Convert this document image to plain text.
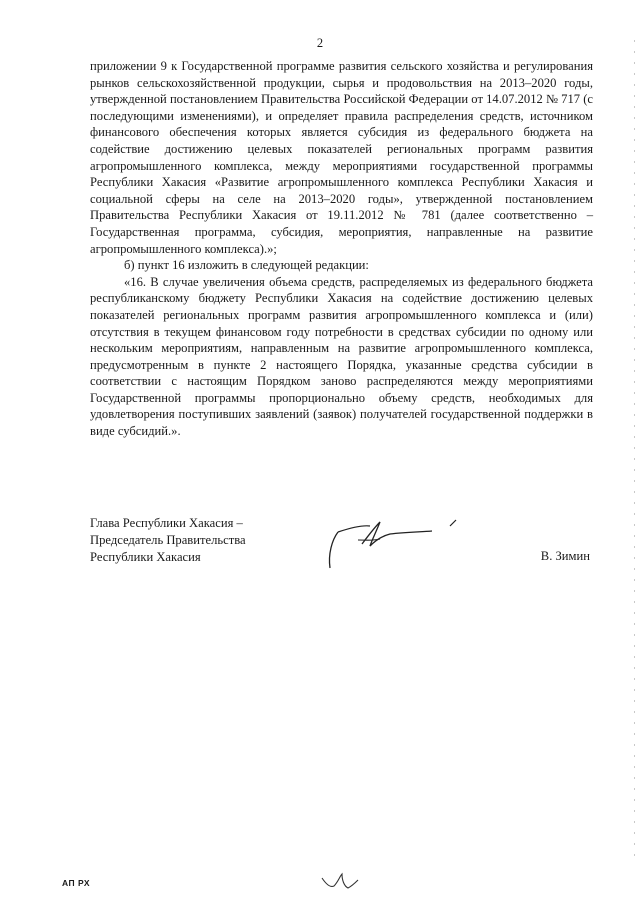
2

приложении 9 к Государственной программе развития сельского хозяйства и регулирования рынков сельскохозяйственной продукции, сырья и продовольствия на 2013–2020 годы, утвержденной постановлением Правительства Российской Федерации от 14.07.2012 № 717 (с последующими изменениями), и определяет правила распределения средств, источником финансового обеспечения которых является субсидия из федерального бюджета на содействие достижению целевых показателей региональных программ развития агропромышленного комплекса, между мероприятиями государственной программы Республики Хакасия «Развитие агропромышленного комплекса Республики Хакасия и социальной сферы на селе на 2013–2020 годы», утвержденной постановлением Правительства Республики Хакасия от 19.11.2012 № 781 (далее соответственно – Государственная программа, субсидия, мероприятия, направленные на развитие агропромышленного комплекса).»;

б) пункт 16 изложить в следующей редакции:

«16. В случае увеличения объема средств, распределяемых из федерального бюджета республиканскому бюджету Республики Хакасия на содействие достижению целевых показателей региональных программ развития агропромышленного комплекса и (или) отсутствия в текущем финансовом году потребности в средствах субсидии по одному или нескольким мероприятиям, направленным на развитие агропромышленного комплекса, предусмотренным в пункте 2 настоящего Порядка, указанные средства субсидии в соответствии с настоящим Порядком заново распределяются между мероприятиями Государственной программы пропорционально объему средств, необходимых для удовлетворения поступивших заявлений (заявок) получателей государственной поддержки в виде субсидий.».

Глава Республики Хакасия –
Председатель Правительства
Республики Хакасия	В. Зимин
АП РХ
